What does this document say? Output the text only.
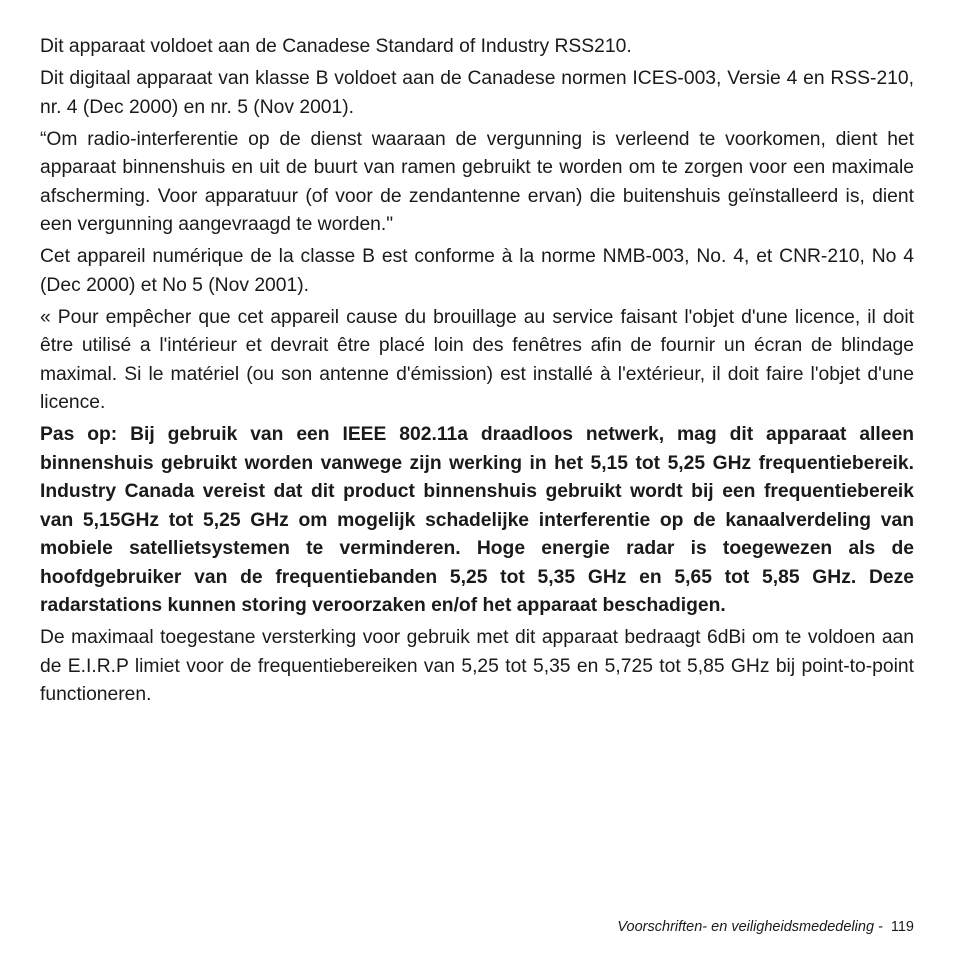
Dit apparaat voldoet aan de Canadese Standard of Industry RSS210.

Dit digitaal apparaat van klasse B voldoet aan de Canadese normen ICES-003, Versie 4 en RSS-210, nr. 4 (Dec 2000) en nr. 5 (Nov 2001).

“Om radio-interferentie op de dienst waaraan de vergunning is verleend te voorkomen, dient het apparaat binnenshuis en uit de buurt van ramen gebruikt te worden om te zorgen voor een maximale afscherming. Voor apparatuur (of voor de zendantenne ervan) die buitenshuis geïnstalleerd is, dient een vergunning aangevraagd te worden."

Cet appareil numérique de la classe B est conforme à la norme NMB-003, No. 4, et CNR-210, No 4 (Dec 2000) et No 5 (Nov 2001).

« Pour empêcher que cet appareil cause du brouillage au service faisant l'objet d'une licence, il doit être utilisé a l'intérieur et devrait être placé loin des fenêtres afin de fournir un écran de blindage maximal. Si le matériel (ou son antenne d'émission) est installé à l'extérieur, il doit faire l'objet d'une licence.

Pas op: Bij gebruik van een IEEE 802.11a draadloos netwerk, mag dit apparaat alleen binnenshuis gebruikt worden vanwege zijn werking in het 5,15 tot 5,25 GHz frequentiebereik. Industry Canada vereist dat dit product binnenshuis gebruikt wordt bij een frequentiebereik van 5,15GHz tot 5,25 GHz om mogelijk schadelijke interferentie op de kanaalverdeling van mobiele satellietsystemen te verminderen. Hoge energie radar is toegewezen als de hoofdgebruiker van de frequentiebanden 5,25 tot 5,35 GHz en 5,65 tot 5,85 GHz. Deze radarstations kunnen storing veroorzaken en/of het apparaat beschadigen.

De maximaal toegestane versterking voor gebruik met dit apparaat bedraagt 6dBi om te voldoen aan de E.I.R.P limiet voor de frequentiebereiken van 5,25 tot 5,35 en 5,725 tot 5,85 GHz bij point-to-point functioneren.

Voorschriften- en veiligheidsmededeling - 119
